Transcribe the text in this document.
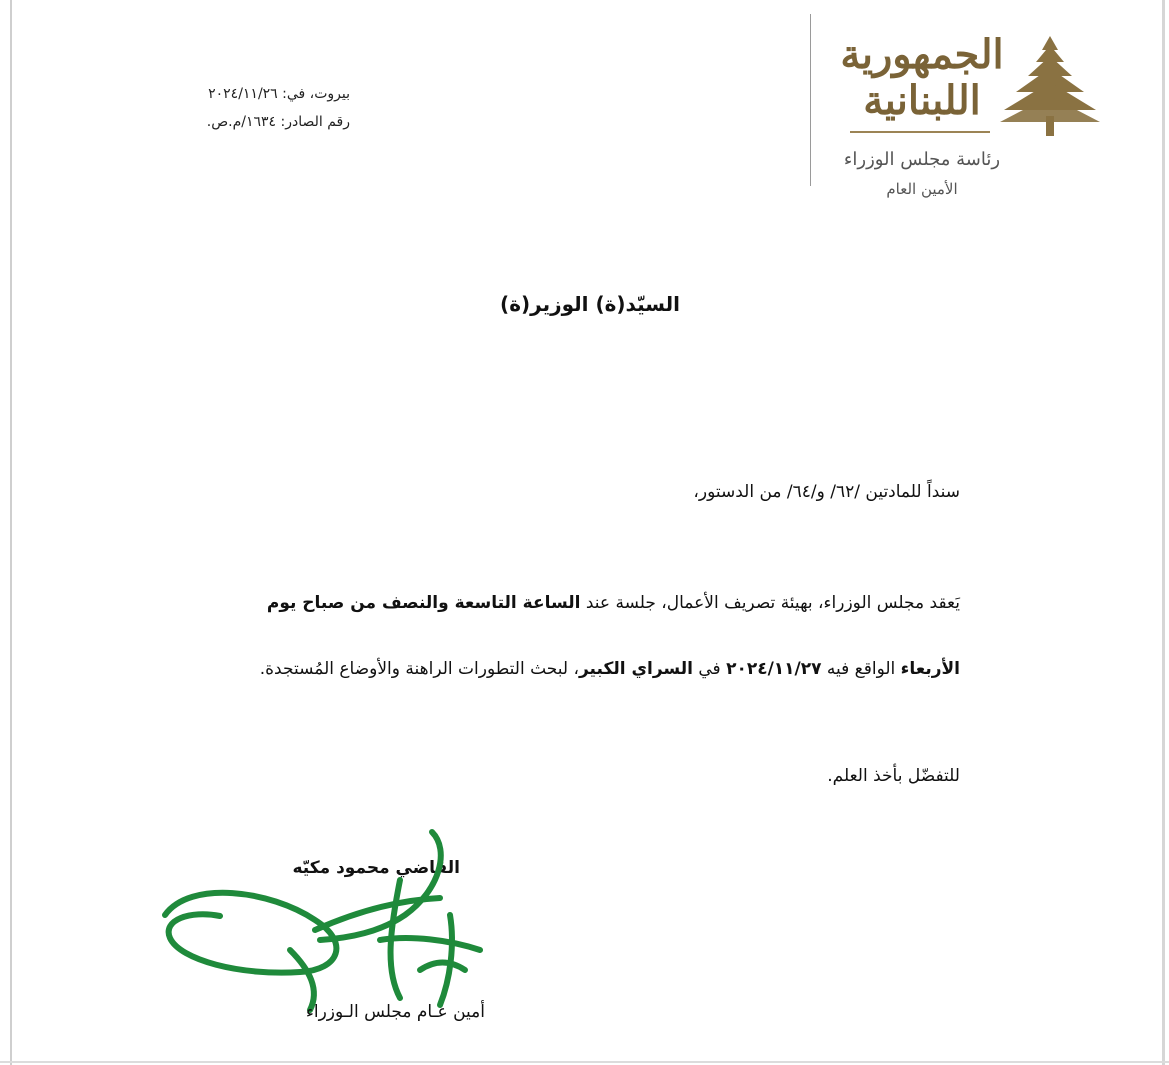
الجمهورية
اللبنانية
رئاسة مجلس الوزراء
الأمين العام
بيروت، في: ٢٠٢٤/١١/٢٦
رقم الصادر: ١٦٣٤/م.ص.
السيّد(ة) الوزير(ة)
سنداً للمادتين /٦٢/ و/٦٤/ من الدستور،
يَعقد مجلس الوزراء، بهيئة تصريف الأعمال، جلسة عند الساعة التاسعة والنصف من صباح يوم
الأربعاء الواقع فيه ٢٠٢٤/١١/٢٧ في السراي الكبير، لبحث التطورات الراهنة والأوضاع المُستجدة.
للتفضّل بأخذ العلم.
القاضي محمود مكيّه
أمين عـام مجلس الـوزراء
